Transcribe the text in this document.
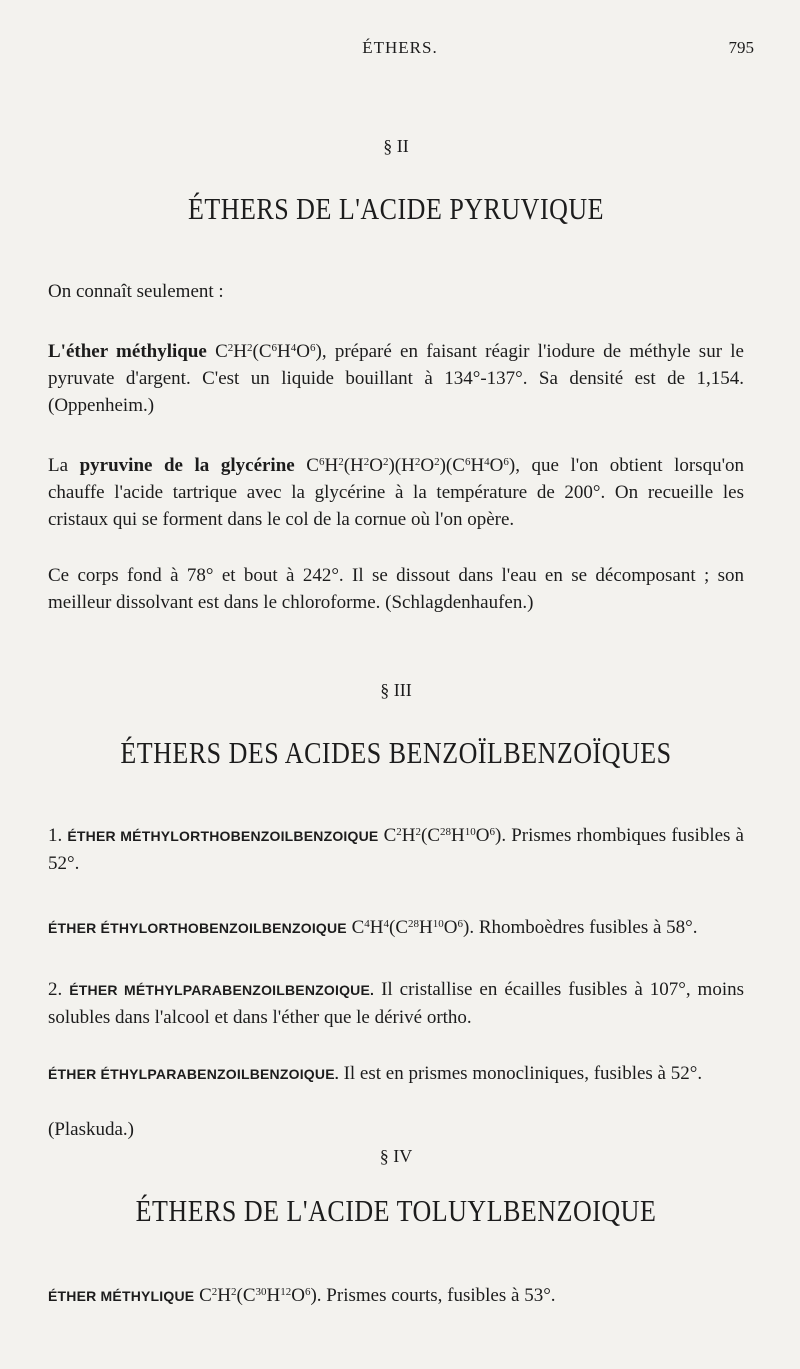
ÉTHERS.	795
§ II
ÉTHERS DE L'ACIDE PYRUVIQUE

On connaît seulement :

L'éther méthylique $C^2H^2(C^6H^4O^6)$, préparé en faisant réagir l'iodure de méthyle sur le pyruvate d'argent. C'est un liquide bouillant à 134°-137°. Sa densité est de 1,154. (Oppenheim.)

La pyruvine de la glycérine $C^6H^2(H^2O^2)(H^2O^2)(C^6H^4O^6)$, que l'on obtient lorsqu'on chauffe l'acide tartrique avec la glycérine à la température de 200°. On recueille les cristaux qui se forment dans le col de la cornue où l'on opère.

Ce corps fond à 78° et bout à 242°. Il se dissout dans l'eau en se décomposant ; son meilleur dissolvant est dans le chloroforme. (Schlagdenhaufen.)

§ III
ÉTHERS DES ACIDES BENZOÏLBENZOÏQUES

1. ÉTHER MÉTHYLORTHOBENZOILBENZOIQUE $C^2H^2(C^{28}H^{10}O^6)$. Prismes rhombiques fusibles à 52°.

ÉTHER ÉTHYLORTHOBENZOILBENZOIQUE $C^4H^4(C^{28}H^{10}O^6)$. Rhomboèdres fusibles à 58°.

2. ÉTHER MÉTHYLPARABENZOILBENZOIQUE. Il cristallise en écailles fusibles à 107°, moins solubles dans l'alcool et dans l'éther que le dérivé ortho.

ÉTHER ÉTHYLPARABENZOILBENZOIQUE. Il est en prismes monocliniques, fusibles à 52°.

(Plaskuda.)

§ IV
ÉTHERS DE L'ACIDE TOLUYLBENZOIQUE

ÉTHER MÉTHYLIQUE $C^2H^2(C^{30}H^{12}O^6)$. Prismes courts, fusibles à 53°.
